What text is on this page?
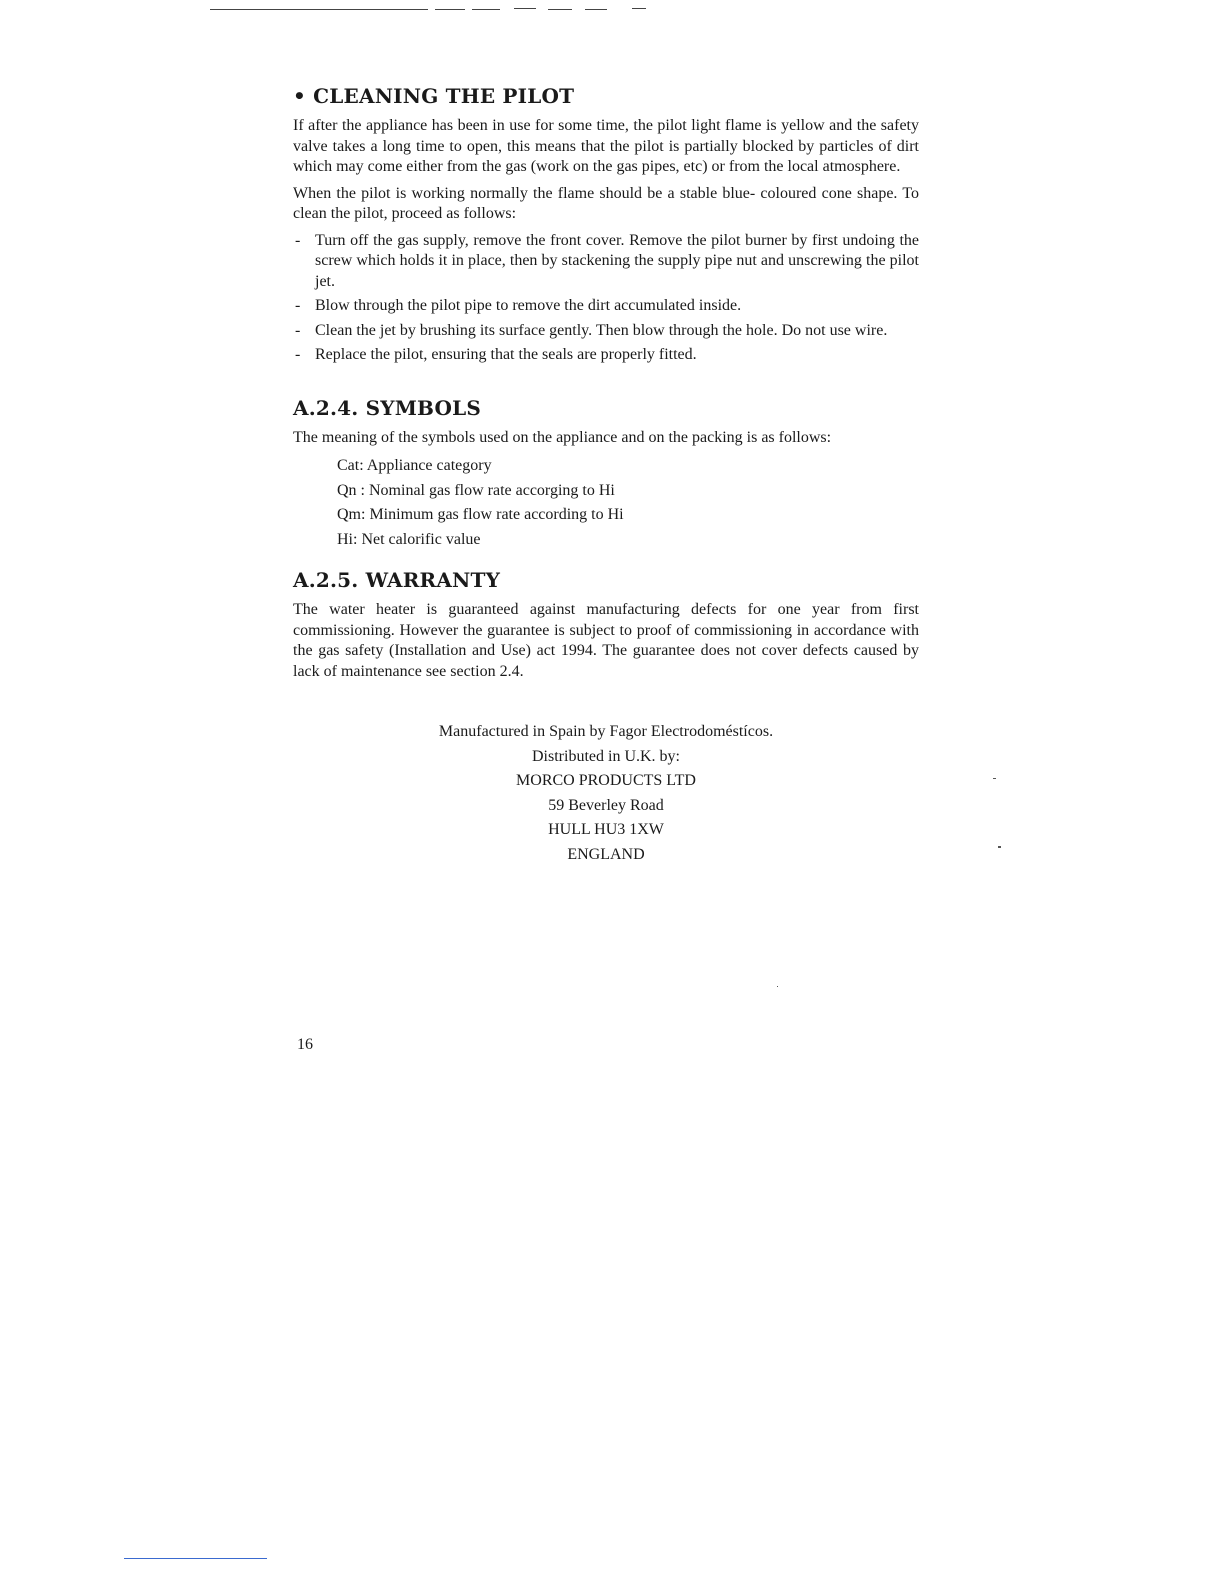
• CLEANING THE PILOT

If after the appliance has been in use for some time, the pilot light flame is yellow and the safety valve takes a long time to open, this means that the pilot is partially blocked by particles of dirt which may come either from the gas (work on the gas pipes, etc) or from the local atmosphere.

When the pilot is working normally the flame should be a stable blue- coloured cone shape. To clean the pilot, proceed as follows:

- Turn off the gas supply, remove the front cover. Remove the pilot burner by first undoing the screw which holds it in place, then by stackening the supply pipe nut and unscrewing the pilot jet.
- Blow through the pilot pipe to remove the dirt accumulated inside.
- Clean the jet by brushing its surface gently. Then blow through the hole. Do not use wire.
- Replace the pilot, ensuring that the seals are properly fitted.
A.2.4. SYMBOLS

The meaning of the symbols used on the appliance and on the packing is as follows:

Cat: Appliance category
Qn : Nominal gas flow rate accorging to Hi
Qm: Minimum gas flow rate according to Hi
Hi: Net calorific value
A.2.5. WARRANTY

The water heater is guaranteed against manufacturing defects for one year from first commissioning. However the guarantee is subject to proof of commissioning in accordance with the gas safety (Installation and Use) act 1994. The guarantee does not cover defects caused by lack of maintenance see section 2.4.

Manufactured in Spain by Fagor Electrodoméstícos.
Distributed in U.K. by:
MORCO PRODUCTS LTD
59 Beverley Road
HULL HU3 1XW
ENGLAND
16
